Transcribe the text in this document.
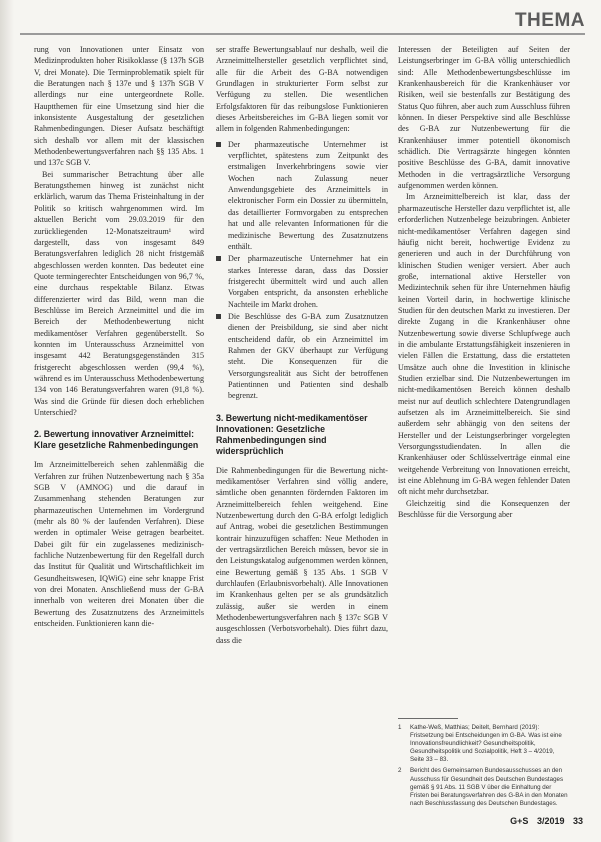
THEMA

rung von Innovationen unter Einsatz von Medizinprodukten hoher Risikoklasse (§ 137h SGB V, drei Monate). Die Terminproblematik spielt für die Beratungen nach § 137e und § 137h SGB V allerdings nur eine untergeordnete Rolle. Hauptthemen für eine Umsetzung sind hier die inkonsistente Ausgestaltung der gesetzlichen Rahmenbedingungen. Dieser Aufsatz beschäftigt sich deshalb vor allem mit der klassischen Methodenbewertungsverfahren nach §§ 135 Abs. 1 und 137c SGB V.

Bei summarischer Betrachtung über alle Beratungsthemen hinweg ist zunächst nicht erklärlich, warum das Thema Fristeinhaltung in der Politik so kritisch wahrgenommen wird. Im aktuellen Bericht vom 29.03.2019 für den zurückliegenden 12-Monatszeitraum¹ wird dargestellt, dass von insgesamt 849 Beratungsverfahren lediglich 28 nicht fristgemäß abgeschlossen werden konnten. Das bedeutet eine Quote termingerechter Entscheidungen von 96,7 %, eine durchaus respektable Bilanz. Etwas differenzierter wird das Bild, wenn man die Beschlüsse im Bereich Arzneimittel und die im Bereich der Methodenbewertung nicht medikamentöser Verfahren gegenüberstellt. So konnten im Unterausschuss Arzneimittel von insgesamt 442 Beratungsgegenständen 315 fristgerecht abgeschlossen werden (99,4 %), während es im Unterausschuss Methodenbewertung 134 von 146 Beratungsverfahren waren (91,8 %). Was sind die Gründe für diesen doch erheblichen Unterschied?

2. Bewertung innovativer Arzneimittel: Klare gesetzliche Rahmenbedingungen

Im Arzneimittelbereich sehen zahlenmäßig die Verfahren zur frühen Nutzenbewertung nach § 35a SGB V (AMNOG) und die darauf in Zusammenhang stehenden Beratungen zur pharmazeutischen Unternehmen im Vordergrund (mehr als 80 % der laufenden Verfahren). Diese werden in optimaler Weise getragen bearbeitet. Dabei gilt für ein zugelassenes medizinisch-fachliche Nutzenbewertung für den Regelfall durch das Institut für Qualität und Wirtschaftlichkeit im Gesundheitswesen, IQWiG) eine sehr knappe Frist von drei Monaten. Anschließend muss der G-BA innerhalb von weiteren drei Monaten über die Bewertung des Zusatznutzens des Arzneimittels entscheiden. Funktionieren kann die-

ser straffe Bewertungsablauf nur deshalb, weil die Arzneimittelhersteller gesetzlich verpflichtet sind, alle für die Arbeit des G-BA notwendigen Grundlagen in strukturierter Form selbst zur Verfügung zu stellen. Die wesentlichen Erfolgsfaktoren für das reibungslose Funktionieren dieses Arbeitsbereiches im G-BA liegen somit vor allem in folgenden Rahmenbedingungen:

Der pharmazeutische Unternehmer ist verpflichtet, spätestens zum Zeitpunkt des erstmaligen Inverkehrbringens sowie vier Wochen nach Zulassung neuer Anwendungsgebiete des Arzneimittels in elektronischer Form ein Dossier zu übermitteln, das detaillierter Formvorgaben zu entsprechen hat und alle relevanten Informationen für die medizinische Bewertung des Zusatznutzens enthält.
Der pharmazeutische Unternehmer hat ein starkes Interesse daran, dass das Dossier fristgerecht übermittelt wird und auch allen Vorgaben entspricht, da ansonsten erhebliche Nachteile im Markt drohen.
Die Beschlüsse des G-BA zum Zusatznutzen dienen der Preisbildung, sie sind aber nicht entscheidend dafür, ob ein Arzneimittel im Rahmen der GKV überhaupt zur Verfügung steht. Die Konsequenzen für die Versorgungsrealität aus Sicht der betroffenen Patientinnen und Patienten sind deshalb begrenzt.
3. Bewertung nicht-medikamentöser Innovationen: Gesetzliche Rahmenbedingungen sind widersprüchlich

Die Rahmenbedingungen für die Bewertung nicht-medikamentöser Verfahren sind völlig andere, sämtliche oben genannten fördernden Faktoren im Arzneimittelbereich fehlen weitgehend. Eine Nutzenbewertung durch den G-BA erfolgt lediglich auf Antrag, wobei die gesetzlichen Bestimmungen kontrair hinzuzufügen schaffen: Neue Methoden in der vertragsärztlichen Bereich müssen, bevor sie in den Leistungskatalog aufgenommen werden können, eine Bewertung gemäß § 135 Abs. 1 SGB V durchlaufen (Erlaubnisvorbehalt). Alle Innovationen im Krankenhaus gelten per se als grundsätzlich zulässig, außer sie werden in einem Methodenbewertungsverfahren nach § 137c SGB V ausgeschlossen (Verbotsvorbehalt). Dies führt dazu, dass die

Interessen der Beteiligten auf Seiten der Leistungserbringer im G-BA völlig unterschiedlich sind: Alle Methodenbewertungsbeschlüsse im Krankenhausbereich für die Krankenhäuser vor Risiken, weil sie bestenfalls zur Bestätigung des Status Quo führen, aber auch zum Ausschluss führen können. In dieser Perspektive sind alle Beschlüsse des G-BA zur Nutzenbewertung für die Krankenhäuser immer potentiell ökonomisch schädlich. Die Vertragsärzte hingegen könnten positive Beschlüsse des G-BA, damit innovative Methoden in die vertragsärztliche Versorgung aufgenommen werden können.

Im Arzneimittelbereich ist klar, dass der pharmazeutische Hersteller dazu verpflichtet ist, alle erforderlichen Nutzenbelege beizubringen. Anbieter nicht-medikamentöser Verfahren dagegen sind häufig nicht bereit, hochwertige Evidenz zu generieren und auch in der Durchführung von klinischen Studien weniger versiert. Aber auch große, international aktive Hersteller von Medizintechnik sehen für ihre Unternehmen häufig keinen Vorteil darin, in hochwertige klinische Studien für den deutschen Markt zu investieren. Der direkte Zugang in die Krankenhäuser ohne Nutzenbewertung sowie diverse Schlupfwege auch in die ambulante Erstattungsfähigkeit inszenieren in vielen Fällen die Erstattung, dass die erstatteten Umsätze auch ohne die Investition in klinische Studien erzielbar sind. Die Nutzenbewertungen im nicht-medikamentösen Bereich können deshalb meist nur auf deutlich schlechtere Datengrundlagen aufsetzen als im Arzneimittelbereich. Sie sind außerdem sehr abhängig von den seitens der Hersteller und der Leistungserbringer vorgelegten Versorgungsstudiendaten. In allen die Krankenhäuser oder Schlüsselverträge einmal eine weitgehende Verbreitung von Innovationen erreicht, ist eine Ablehnung im G-BA wegen fehlender Daten oft nicht mehr durchsetzbar.

Gleichzeitig sind die Konsequenzen der Beschlüsse für die Versorgung aber

1	Kathe-Weß, Matthias; Deitelt, Bernhard (2019): Fristsetzung bei Entscheidungen im G-BA. Was ist eine Innovationsfreundlichkeit? Gesundheitspolitik, Gesundheitspolitik und Sozialpolitik, Heft 3 – 4/2019, Seite 33 – 83.
2	Bericht des Gemeinsamen Bundesausschusses an den Ausschuss für Gesundheit des Deutschen Bundestages gemäß § 91 Abs. 11 SGB V über die Einhaltung der Fristen bei Beratungsverfahren des G-BA in den Monaten nach Beschlussfassung des Deutschen Bundestages.
G+S 3/2019 33
